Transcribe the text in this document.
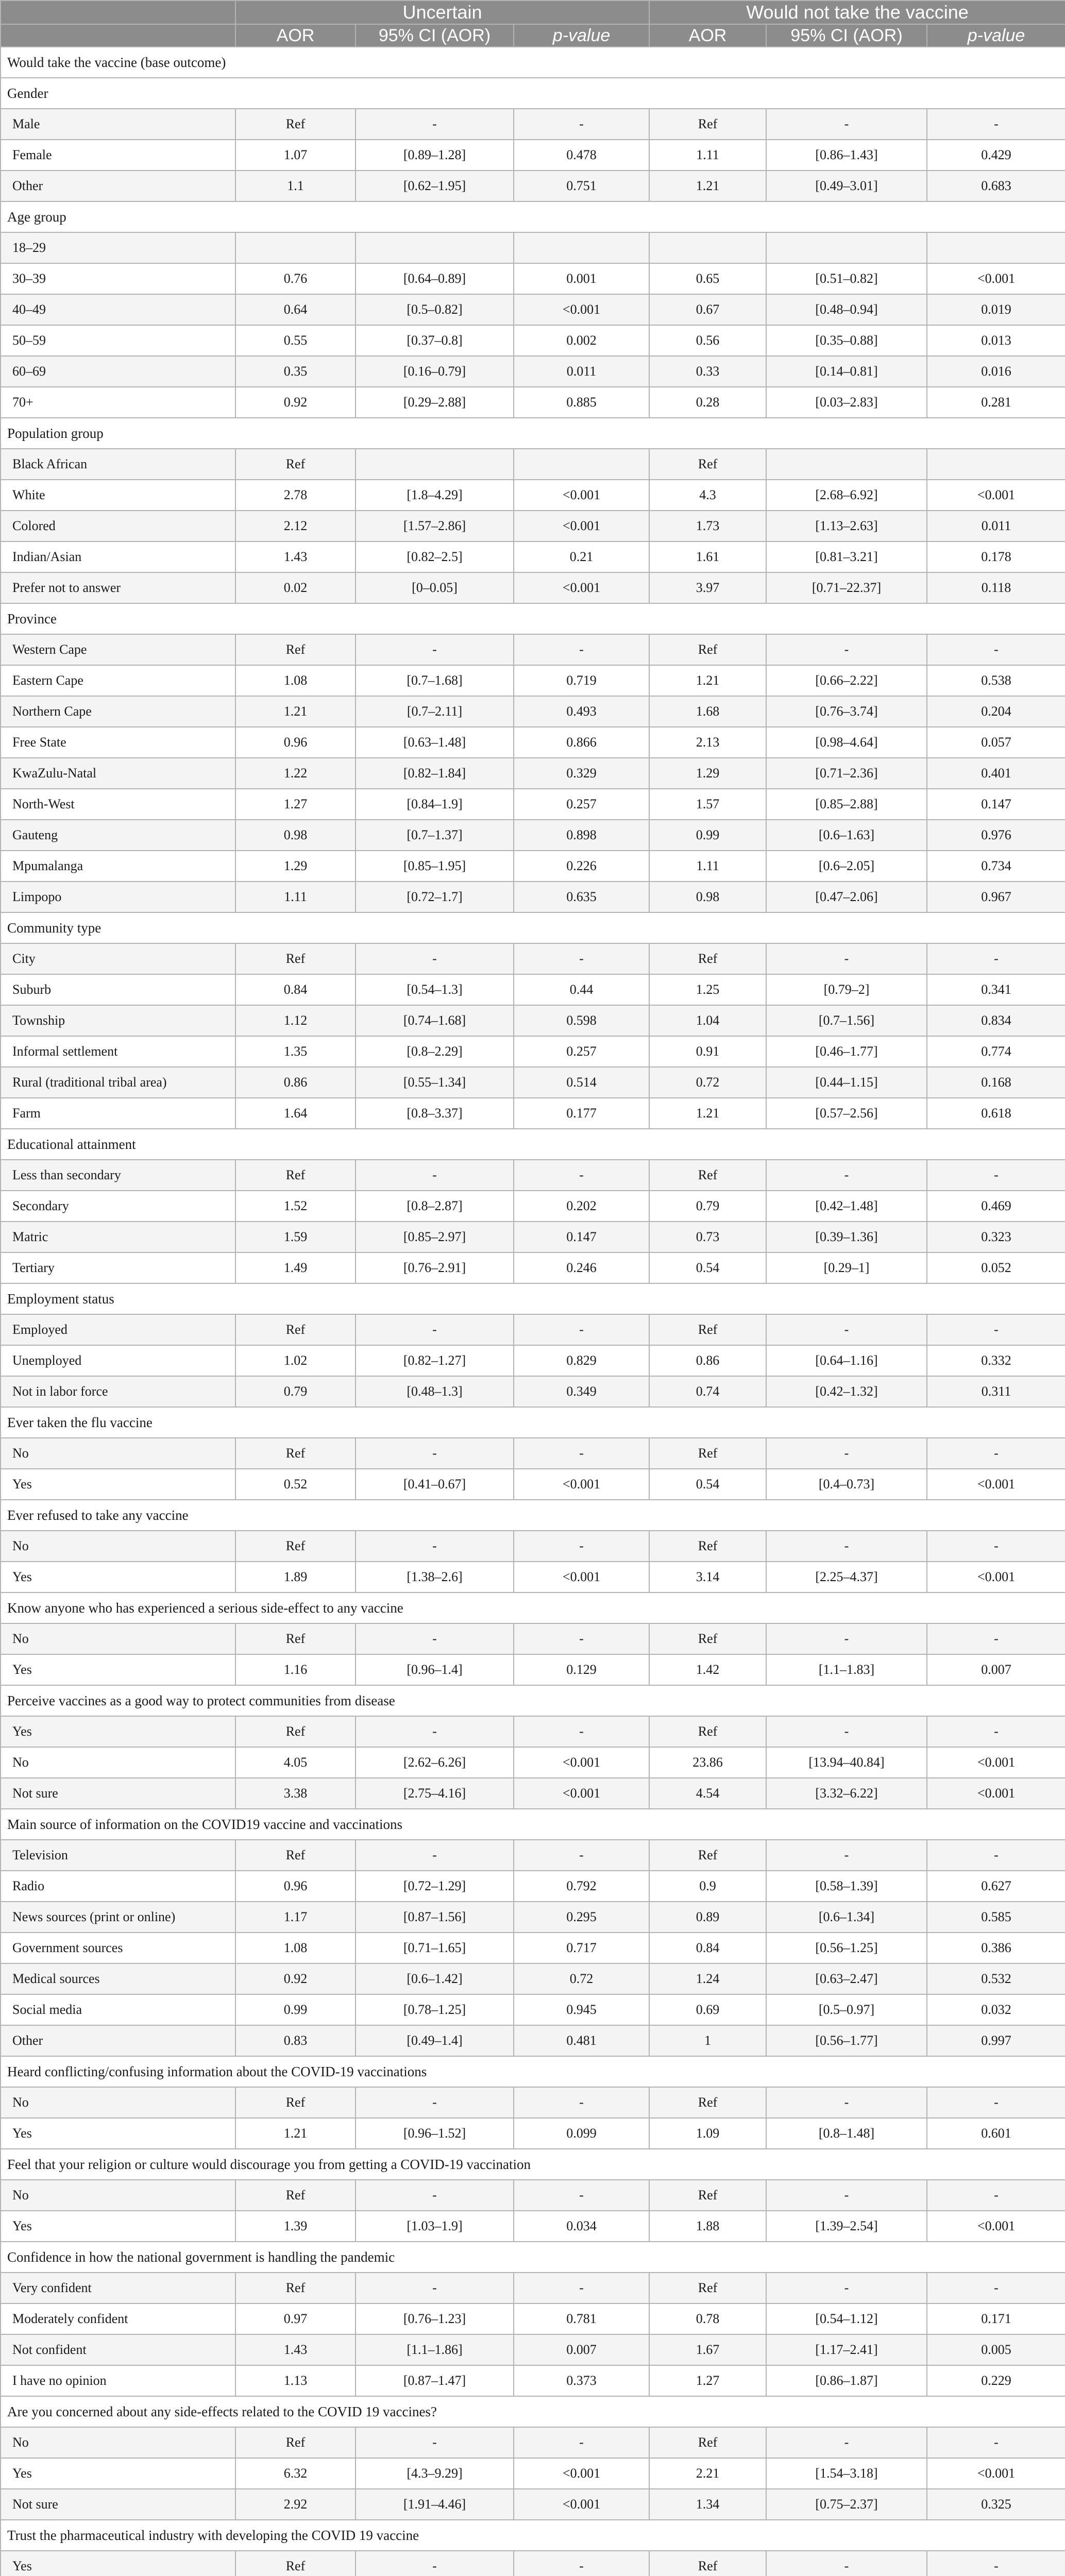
	Uncertain			Would not take the vaccine		
	AOR	95% CI (AOR)	p-value	AOR	95% CI (AOR)	p-value
Would take the vaccine (base outcome)						
Gender						
Male	Ref	-	-	Ref	-	-
Female	1.07	[0.89–1.28]	0.478	1.11	[0.86–1.43]	0.429
Other	1.1	[0.62–1.95]	0.751	1.21	[0.49–3.01]	0.683
Age group						
18–29						
30–39	0.76	[0.64–0.89]	0.001	0.65	[0.51–0.82]	<0.001
40–49	0.64	[0.5–0.82]	<0.001	0.67	[0.48–0.94]	0.019
50–59	0.55	[0.37–0.8]	0.002	0.56	[0.35–0.88]	0.013
60–69	0.35	[0.16–0.79]	0.011	0.33	[0.14–0.81]	0.016
70+	0.92	[0.29–2.88]	0.885	0.28	[0.03–2.83]	0.281
Population group						
Black African	Ref			Ref		
White	2.78	[1.8–4.29]	<0.001	4.3	[2.68–6.92]	<0.001
Colored	2.12	[1.57–2.86]	<0.001	1.73	[1.13–2.63]	0.011
Indian/Asian	1.43	[0.82–2.5]	0.21	1.61	[0.81–3.21]	0.178
Prefer not to answer	0.02	[0–0.05]	<0.001	3.97	[0.71–22.37]	0.118
Province						
Western Cape	Ref	-	-	Ref	-	-
Eastern Cape	1.08	[0.7–1.68]	0.719	1.21	[0.66–2.22]	0.538
Northern Cape	1.21	[0.7–2.11]	0.493	1.68	[0.76–3.74]	0.204
Free State	0.96	[0.63–1.48]	0.866	2.13	[0.98–4.64]	0.057
KwaZulu-Natal	1.22	[0.82–1.84]	0.329	1.29	[0.71–2.36]	0.401
North-West	1.27	[0.84–1.9]	0.257	1.57	[0.85–2.88]	0.147
Gauteng	0.98	[0.7–1.37]	0.898	0.99	[0.6–1.63]	0.976
Mpumalanga	1.29	[0.85–1.95]	0.226	1.11	[0.6–2.05]	0.734
Limpopo	1.11	[0.72–1.7]	0.635	0.98	[0.47–2.06]	0.967
Community type						
City	Ref	-	-	Ref	-	-
Suburb	0.84	[0.54–1.3]	0.44	1.25	[0.79–2]	0.341
Township	1.12	[0.74–1.68]	0.598	1.04	[0.7–1.56]	0.834
Informal settlement	1.35	[0.8–2.29]	0.257	0.91	[0.46–1.77]	0.774
Rural (traditional tribal area)	0.86	[0.55–1.34]	0.514	0.72	[0.44–1.15]	0.168
Farm	1.64	[0.8–3.37]	0.177	1.21	[0.57–2.56]	0.618
Educational attainment						
Less than secondary	Ref	-	-	Ref	-	-
Secondary	1.52	[0.8–2.87]	0.202	0.79	[0.42–1.48]	0.469
Matric	1.59	[0.85–2.97]	0.147	0.73	[0.39–1.36]	0.323
Tertiary	1.49	[0.76–2.91]	0.246	0.54	[0.29–1]	0.052
Employment status						
Employed	Ref	-	-	Ref	-	-
Unemployed	1.02	[0.82–1.27]	0.829	0.86	[0.64–1.16]	0.332
Not in labor force	0.79	[0.48–1.3]	0.349	0.74	[0.42–1.32]	0.311
Ever taken the flu vaccine						
No	Ref	-	-	Ref	-	-
Yes	0.52	[0.41–0.67]	<0.001	0.54	[0.4–0.73]	<0.001
Ever refused to take any vaccine						
No	Ref	-	-	Ref	-	-
Yes	1.89	[1.38–2.6]	<0.001	3.14	[2.25–4.37]	<0.001
Know anyone who has experienced a serious side-effect to any vaccine						
No	Ref	-	-	Ref	-	-
Yes	1.16	[0.96–1.4]	0.129	1.42	[1.1–1.83]	0.007
Perceive vaccines as a good way to protect communities from disease						
Yes	Ref	-	-	Ref	-	-
No	4.05	[2.62–6.26]	<0.001	23.86	[13.94–40.84]	<0.001
Not sure	3.38	[2.75–4.16]	<0.001	4.54	[3.32–6.22]	<0.001
Main source of information on the COVID19 vaccine and vaccinations						
Television	Ref	-	-	Ref	-	-
Radio	0.96	[0.72–1.29]	0.792	0.9	[0.58–1.39]	0.627
News sources (print or online)	1.17	[0.87–1.56]	0.295	0.89	[0.6–1.34]	0.585
Government sources	1.08	[0.71–1.65]	0.717	0.84	[0.56–1.25]	0.386
Medical sources	0.92	[0.6–1.42]	0.72	1.24	[0.63–2.47]	0.532
Social media	0.99	[0.78–1.25]	0.945	0.69	[0.5–0.97]	0.032
Other	0.83	[0.49–1.4]	0.481	1	[0.56–1.77]	0.997
Heard conflicting/confusing information about the COVID-19 vaccinations						
No	Ref	-	-	Ref	-	-
Yes	1.21	[0.96–1.52]	0.099	1.09	[0.8–1.48]	0.601
Feel that your religion or culture would discourage you from getting a COVID-19 vaccination						
No	Ref	-	-	Ref	-	-
Yes	1.39	[1.03–1.9]	0.034	1.88	[1.39–2.54]	<0.001
Confidence in how the national government is handling the pandemic						
Very confident	Ref	-	-	Ref	-	-
Moderately confident	0.97	[0.76–1.23]	0.781	0.78	[0.54–1.12]	0.171
Not confident	1.43	[1.1–1.86]	0.007	1.67	[1.17–2.41]	0.005
I have no opinion	1.13	[0.87–1.47]	0.373	1.27	[0.86–1.87]	0.229
Are you concerned about any side-effects related to the COVID 19 vaccines?						
No	Ref	-	-	Ref	-	-
Yes	6.32	[4.3–9.29]	<0.001	2.21	[1.54–3.18]	<0.001
Not sure	2.92	[1.91–4.46]	<0.001	1.34	[0.75–2.37]	0.325
Trust the pharmaceutical industry with developing the COVID 19 vaccine						
Yes	Ref	-	-	Ref	-	-
